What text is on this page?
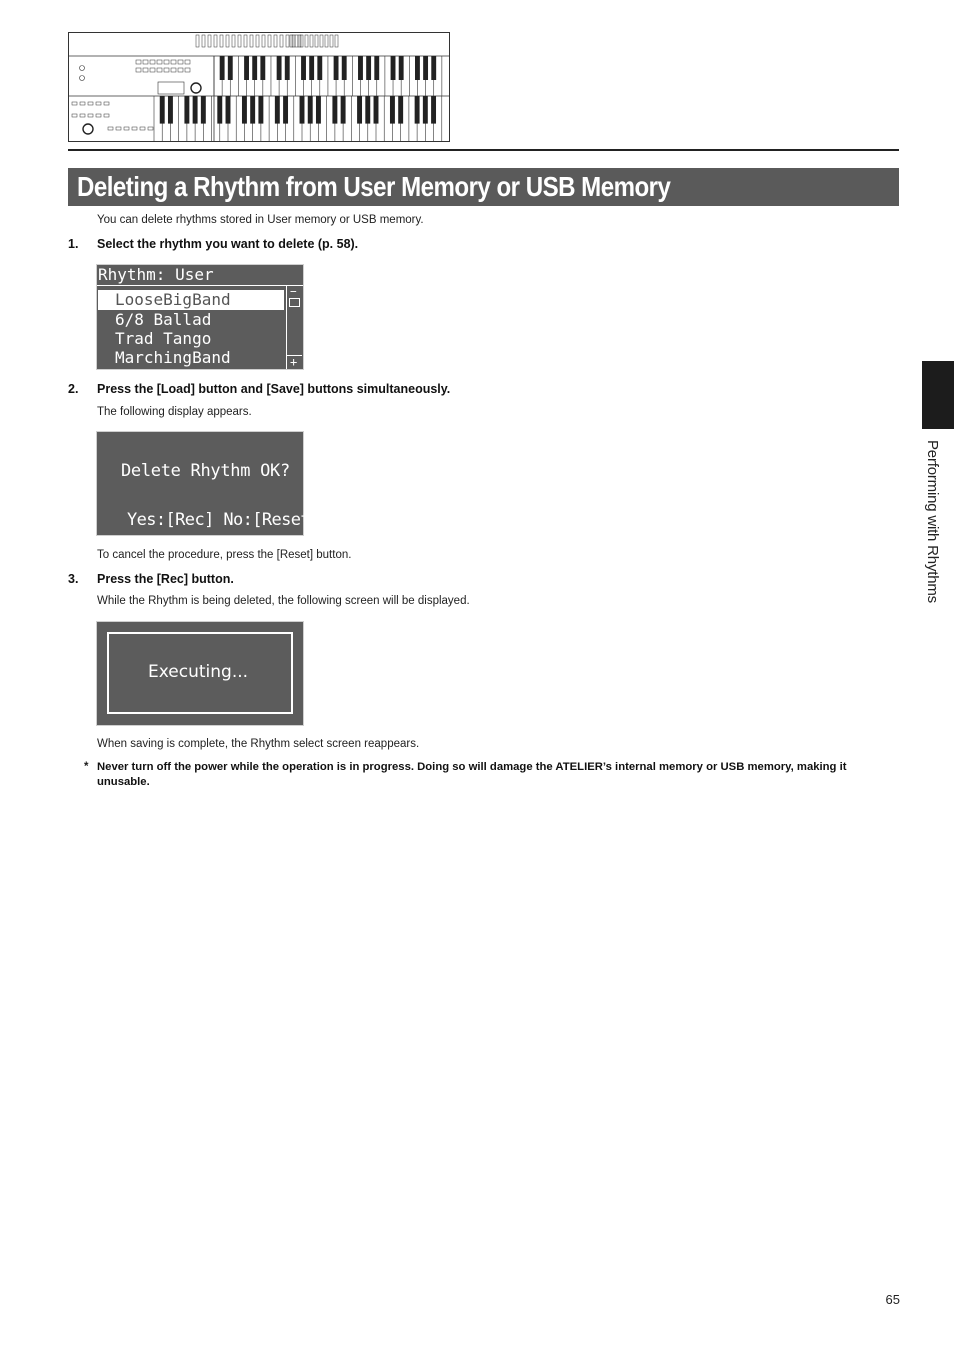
Deleting a Rhythm from User Memory or USB Memory
You can delete rhythms stored in User memory or USB memory.
1. Select the rhythm you want to delete (p. 58).
Rhythm: User
LooseBigBand
6/8 Ballad
Trad Tango
MarchingBand
−
+
2. Press the [Load] button and [Save] buttons simultaneously.
The following display appears.
Delete Rhythm OK?
Yes:[Rec] No:[Reset]
To cancel the procedure, press the [Reset] button.
3. Press the [Rec] button.
While the Rhythm is being deleted, the following screen will be displayed.
Executing...
When saving is complete, the Rhythm select screen reappears.
* Never turn off the power while the operation is in progress. Doing so will damage the ATELIER’s internal memory or USB memory, making it
unusable.
Performing with Rhythms
65
